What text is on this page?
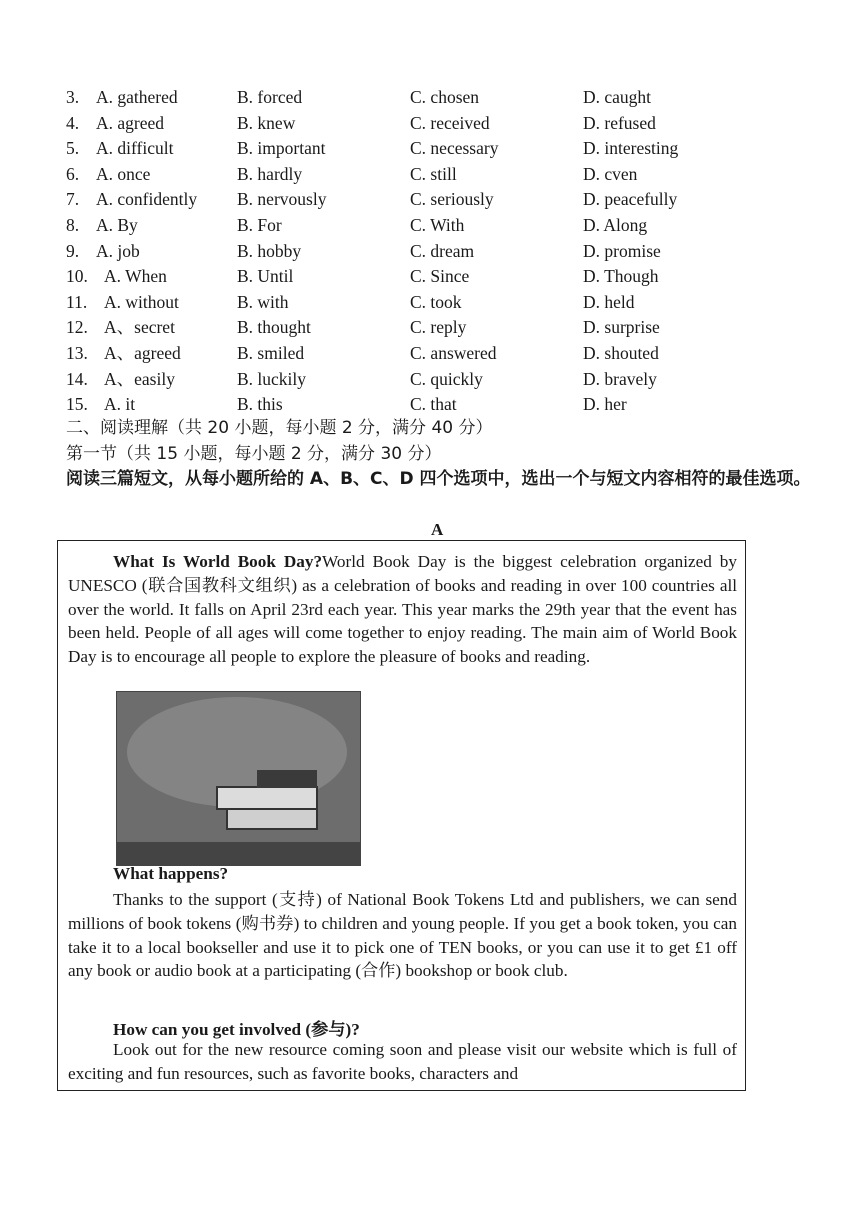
3. A. gathered	B. forced	C. chosen	D. caught
4. A. agreed	B. knew	C. received	D. refused
5. A. difficult	B. important	C. necessary	D. interesting
6. A. once	B. hardly	C. still	D. cven
7. A. confidently B. nervously	C. seriously	D. peacefully
8. A. By	B. For	C. With	D. Along
9. A. job	B. hobby	C. dream	D. promise
10. A. When	B. Until	C. Since	D. Though
11. A. without	B. with	C. took	D. held
12. A、secret	B. thought	C. reply	D. surprise
13. A、agreed	B. smiled	C. answered	D. shouted
14. A、easily	B. luckily	C. quickly	D. bravely
15. A. it	B. this	C. that	D. her
二、阅读理解（共 20 小题，每小题 2 分，满分 40 分）
第一节（共 15 小题，每小题 2 分，满分 30 分）
阅读三篇短文，从每小题所给的 A、B、C、D 四个选项中，选出一个与短文内容相符的最佳选项。
A
What Is World Book Day?World Book Day is the biggest celebration organized by UNESCO (联合国教科文组织) as a celebration of books and reading in over 100 countries all over the world. It falls on April 23rd each year. This year marks the 29th year that the event has been held. People of all ages will come together to enjoy reading. The main aim of World Book Day is to encourage all people to explore the pleasure of books and reading.
What happens?
Thanks to the support (支持) of National Book Tokens Ltd and publishers, we can send millions of book tokens (购书券) to children and young people. If you get a book token, you can take it to a local bookseller and use it to pick one of TEN books, or you can use it to get £1 off any book or audio book at a participating (合作) bookshop or book club.
How can you get involved (参与)?
Look out for the new resource coming soon and please visit our website which is full of exciting and fun resources, such as favorite books, characters and
